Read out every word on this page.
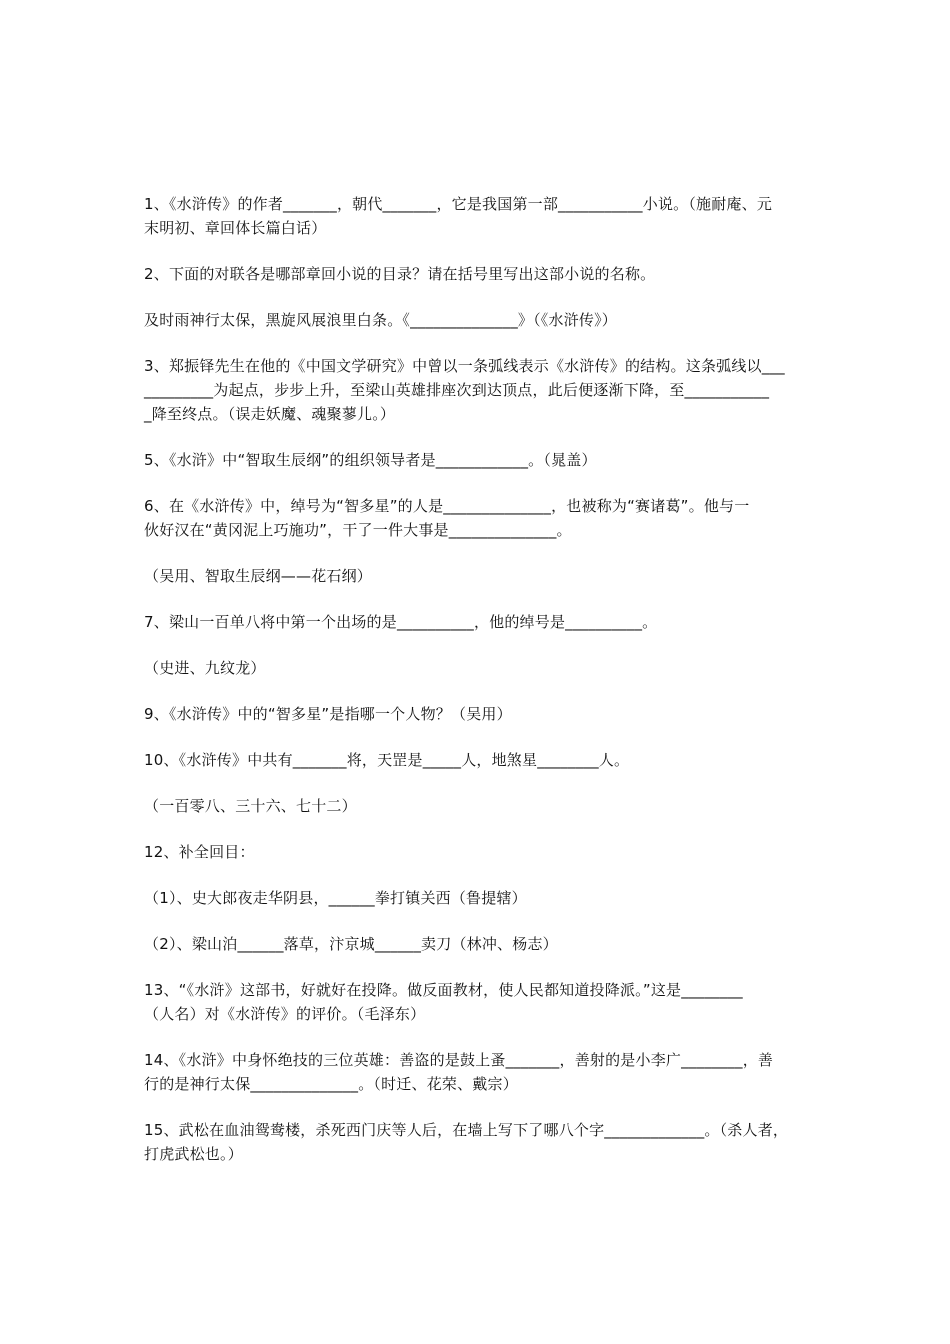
1、《水浒传》的作者_______，朝代_______，它是我国第一部___________小说。（施耐庵、元
末明初、章回体长篇白话）

2、下面的对联各是哪部章回小说的目录？请在括号里写出这部小说的名称。

及时雨神行太保，黑旋风展浪里白条。《______________》（《水浒传》）

3、郑振铎先生在他的《中国文学研究》中曾以一条弧线表示《水浒传》的结构。这条弧线以___
_________为起点，步步上升，至梁山英雄排座次到达顶点，此后便逐渐下降，至___________
_降至终点。（误走妖魔、魂聚蓼儿。）

5、《水浒》中“智取生辰纲”的组织领导者是____________。（晁盖）

6、在《水浒传》中，绰号为“智多星”的人是______________，也被称为“赛诸葛”。他与一
伙好汉在“黄冈泥上巧施功”，干了一件大事是______________。

（吴用、智取生辰纲——花石纲）

7、梁山一百单八将中第一个出场的是__________，他的绰号是__________。

（史进、九纹龙）

9、《水浒传》中的“智多星”是指哪一个人物？（吴用）

10、《水浒传》中共有_______将，天罡是_____人，地煞星________人。

（一百零八、三十六、七十二）

12、补全回目：

（1）、史大郎夜走华阴县，______拳打镇关西（鲁提辖）

（2）、梁山泊______落草，汴京城______卖刀（林冲、杨志）

13、“《水浒》这部书，好就好在投降。做反面教材，使人民都知道投降派。”这是________
（人名）对《水浒传》的评价。（毛泽东）

14、《水浒》中身怀绝技的三位英雄：善盗的是鼓上蚤_______，善射的是小李广________，善
行的是神行太保______________。（时迁、花荣、戴宗）

15、武松在血油鸳鸯楼，杀死西门庆等人后，在墙上写下了哪八个字_____________。（杀人者，
打虎武松也。）
